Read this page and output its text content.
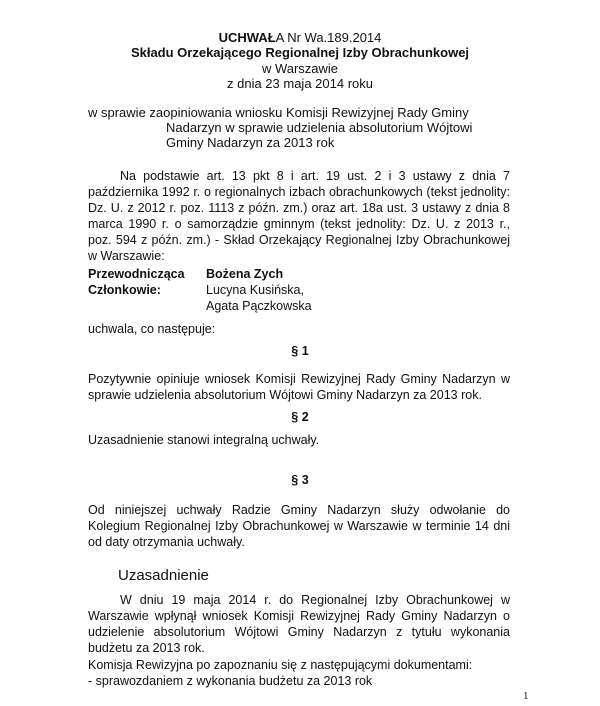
UCHWAŁA Nr Wa.189.2014
Składu Orzekającego Regionalnej Izby Obrachunkowej
w Warszawie
z dnia 23 maja 2014 roku
w sprawie zaopiniowania wniosku Komisji Rewizyjnej Rady Gminy
Nadarzyn w sprawie udzielenia absolutorium Wójtowi
Gminy Nadarzyn za 2013 rok
Na podstawie art. 13 pkt 8 i art. 19 ust. 2 i 3 ustawy z dnia 7 października 1992 r. o regionalnych izbach obrachunkowych (tekst jednolity: Dz. U. z 2012 r. poz. 1113 z późn. zm.) oraz art. 18a ust. 3 ustawy z dnia 8 marca 1990 r. o samorządzie gminnym (tekst jednolity: Dz. U. z 2013 r., poz. 594 z późn. zm.) - Skład Orzekający Regionalnej Izby Obrachunkowej w Warszawie:
Przewodnicząca Bożena Zych
Członkowie:	Lucyna Kusińska,
Agata Pączkowska
uchwala, co następuje:
§ 1
Pozytywnie opiniuje wniosek Komisji Rewizyjnej Rady Gminy Nadarzyn w sprawie udzielenia absolutorium Wójtowi Gminy Nadarzyn za 2013 rok.
§ 2
Uzasadnienie stanowi integralną uchwały.
§ 3
Od niniejszej uchwały Radzie Gminy Nadarzyn służy odwołanie do Kolegium Regionalnej Izby Obrachunkowej w Warszawie w terminie 14 dni od daty otrzymania uchwały.
Uzasadnienie
W dniu 19 maja 2014 r. do Regionalnej Izby Obrachunkowej w Warszawie wpłynął wniosek Komisji Rewizyjnej Rady Gminy Nadarzyn o udzielenie absolutorium Wójtowi Gminy Nadarzyn z tytułu wykonania budżetu za 2013 rok.
Komisja Rewizyjna po zapoznaniu się z następującymi dokumentami:
- sprawozdaniem z wykonania budżetu za 2013 rok
1
